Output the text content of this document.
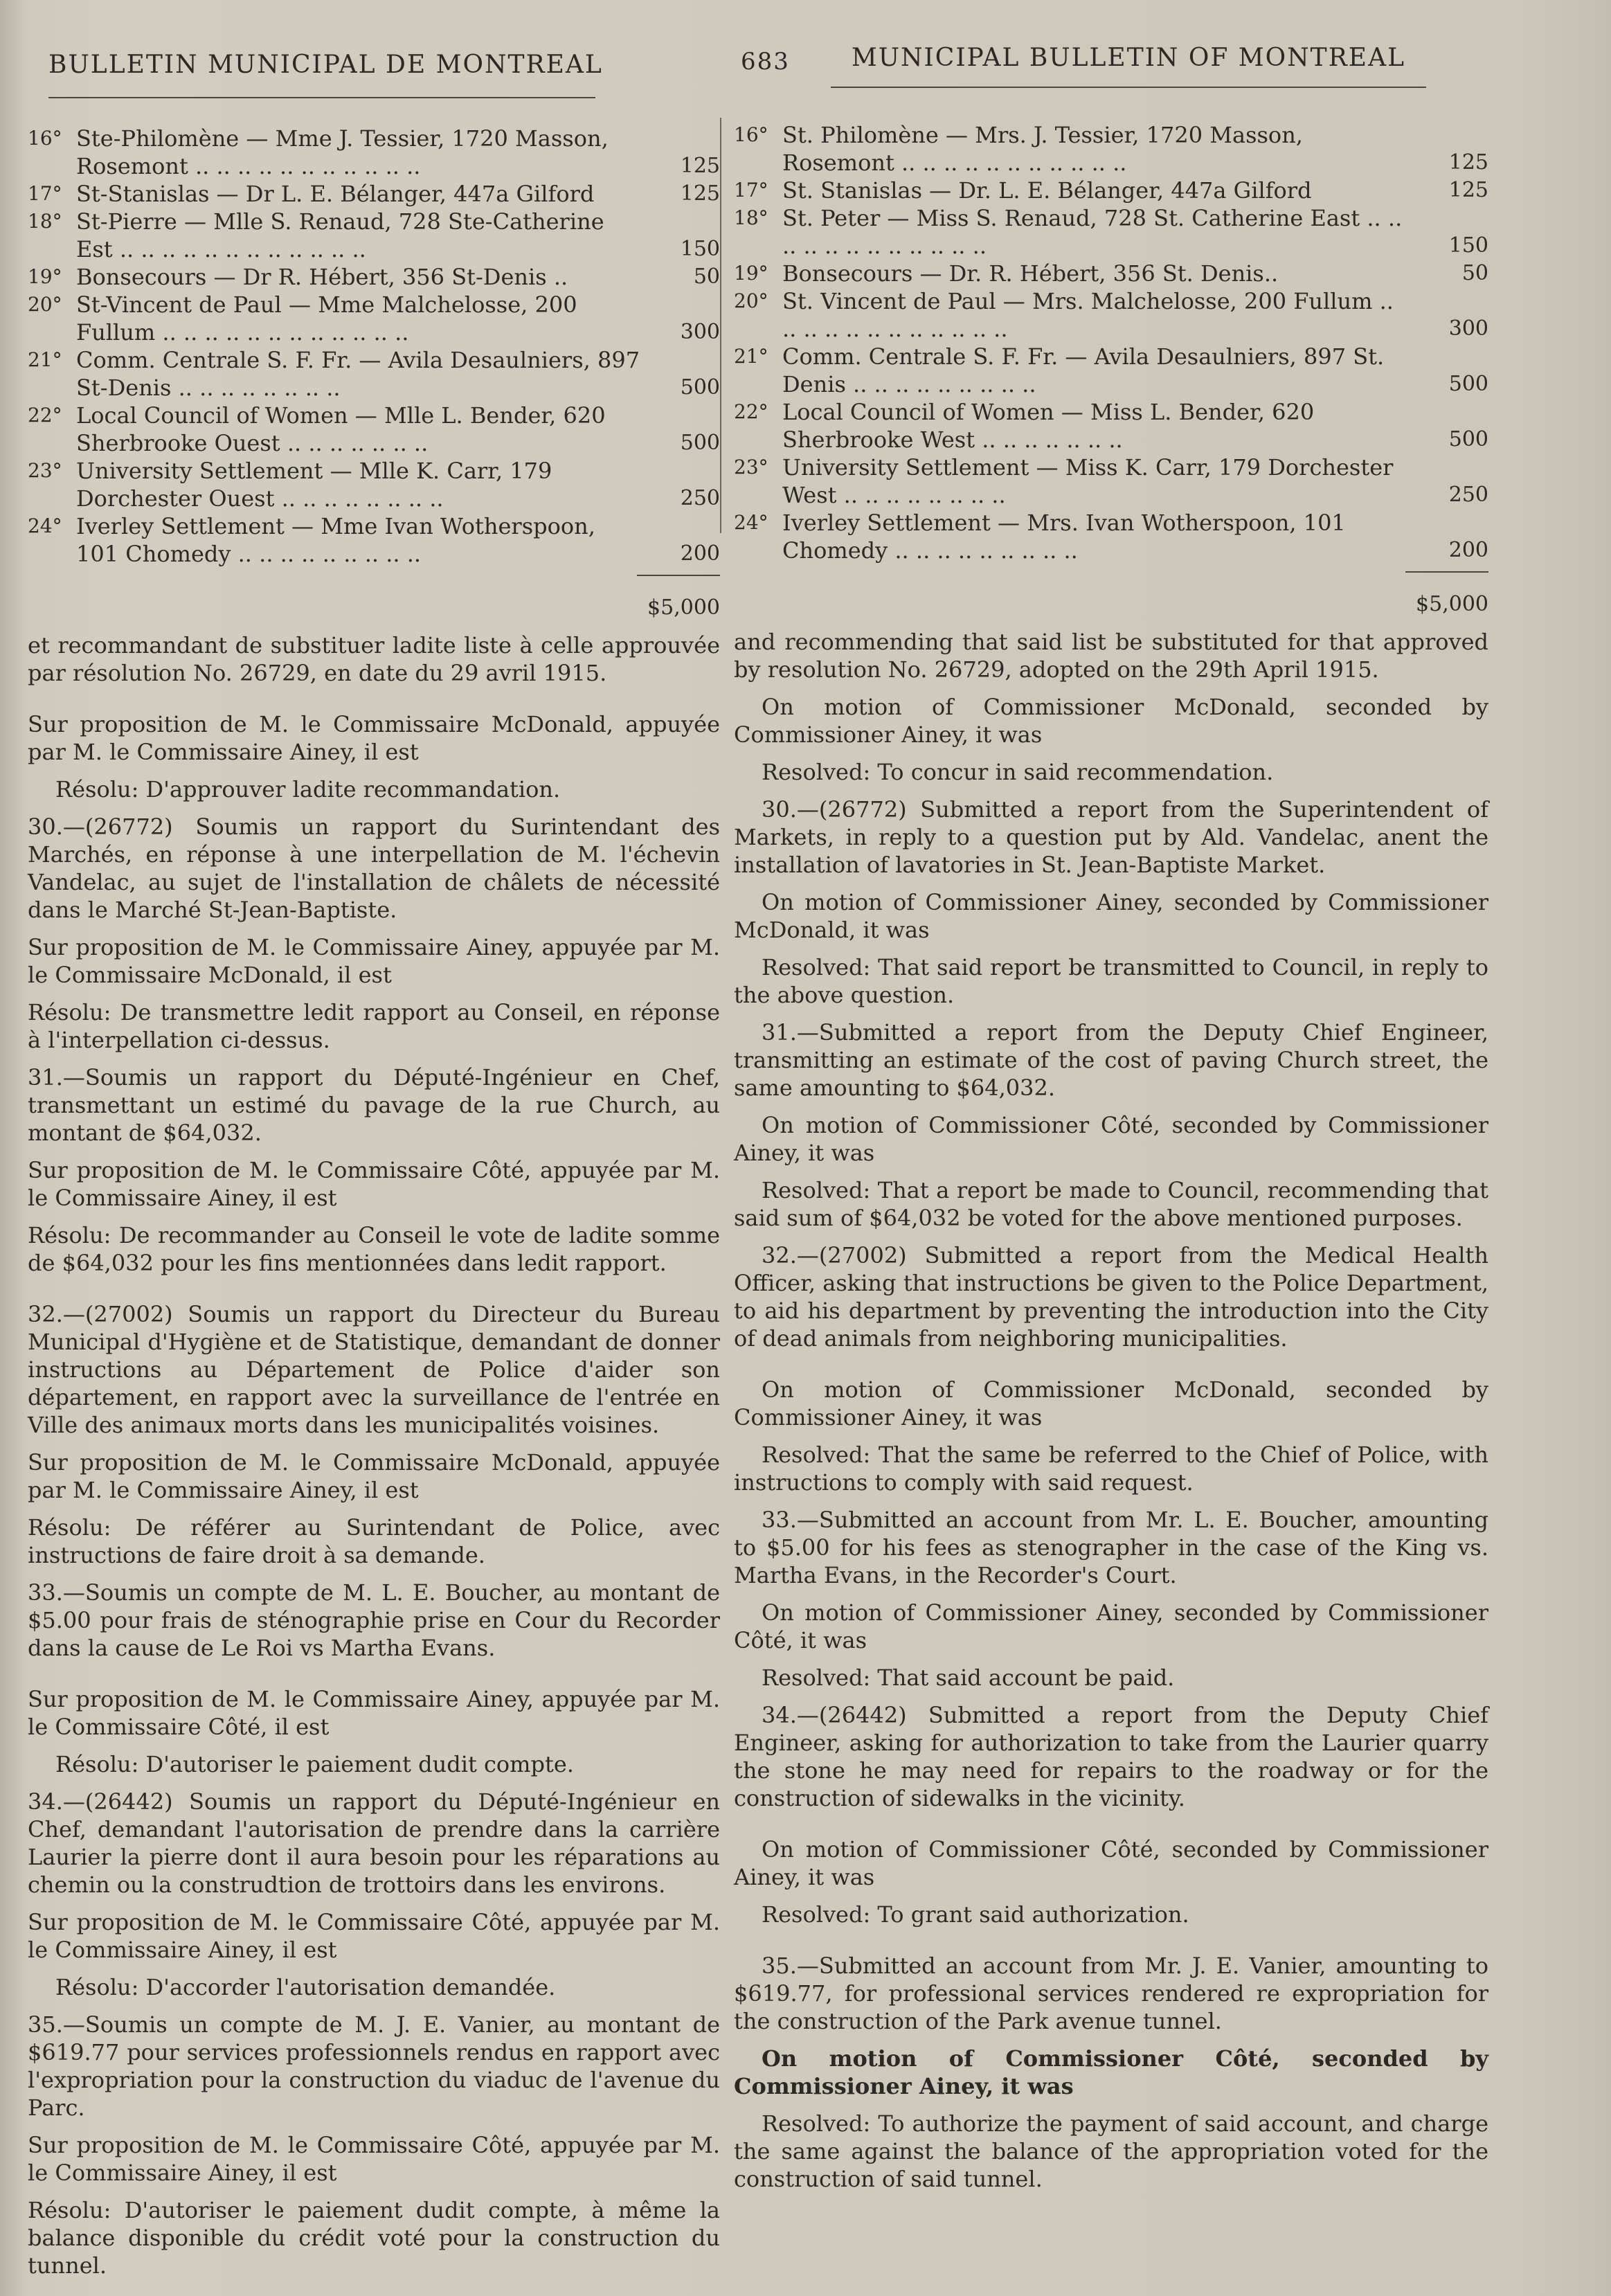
BULLETIN MUNICIPAL DE MONTREAL	683 MUNICIPAL BULLETIN OF MONTREAL
16° Ste-Philomène — Mme J. Tessier, 1720 Masson, Rosemont .. .. .. .. .. .. .. .. .. .. ..	125
17° St-Stanislas — Dr L. E. Bélanger, 447a Gilford	125
18° St-Pierre — Mlle S. Renaud, 728 Ste-Catherine Est .. .. .. .. .. .. .. .. .. .. .. ..	150
19° Bonsecours — Dr R. Hébert, 356 St-Denis ..	50
20° St-Vincent de Paul — Mme Malchelosse, 200 Fullum .. .. .. .. .. .. .. .. .. .. .. ..	300
21° Comm. Centrale S. F. Fr. — Avila Desaulniers, 897 St-Denis .. .. .. .. .. .. .. ..	500
22° Local Council of Women — Mlle L. Bender, 620 Sherbrooke Ouest .. .. .. .. .. .. ..	500
23° University Settlement — Mlle K. Carr, 179 Dorchester Ouest .. .. .. .. .. .. .. ..	250
24° Iverley Settlement — Mme Ivan Wotherspoon, 101 Chomedy .. .. .. .. .. .. .. .. ..	200
$5,000

et recommandant de substituer ladite liste à celle approuvée par résolution No. 26729, en date du 29 avril 1915.

Sur proposition de M. le Commissaire McDonald, appuyée par M. le Commissaire Ainey, il est

Résolu: D'approuver ladite recommandation.

30.—(26772) Soumis un rapport du Surintendant des Marchés, en réponse à une interpellation de M. l'échevin Vandelac, au sujet de l'installation de châlets de nécessité dans le Marché St-Jean-Baptiste.

Sur proposition de M. le Commissaire Ainey, appuyée par M. le Commissaire McDonald, il est

Résolu: De transmettre ledit rapport au Conseil, en réponse à l'interpellation ci-dessus.

31.—Soumis un rapport du Député-Ingénieur en Chef, transmettant un estimé du pavage de la rue Church, au montant de $64,032.

Sur proposition de M. le Commissaire Côté, appuyée par M. le Commissaire Ainey, il est

Résolu: De recommander au Conseil le vote de ladite somme de $64,032 pour les fins mentionnées dans ledit rapport.

32.—(27002) Soumis un rapport du Directeur du Bureau Municipal d'Hygiène et de Statistique, demandant de donner instructions au Département de Police d'aider son département, en rapport avec la surveillance de l'entrée en Ville des animaux morts dans les municipalités voisines.

Sur proposition de M. le Commissaire McDonald, appuyée par M. le Commissaire Ainey, il est

Résolu: De référer au Surintendant de Police, avec instructions de faire droit à sa demande.

33.—Soumis un compte de M. L. E. Boucher, au montant de $5.00 pour frais de sténographie prise en Cour du Recorder dans la cause de Le Roi vs Martha Evans.

Sur proposition de M. le Commissaire Ainey, appuyée par M. le Commissaire Côté, il est

Résolu: D'autoriser le paiement dudit compte.

34.—(26442) Soumis un rapport du Député-Ingénieur en Chef, demandant l'autorisation de prendre dans la carrière Laurier la pierre dont il aura besoin pour les réparations au chemin ou la construdtion de trottoirs dans les environs.

Sur proposition de M. le Commissaire Côté, appuyée par M. le Commissaire Ainey, il est

Résolu: D'accorder l'autorisation demandée.

35.—Soumis un compte de M. J. E. Vanier, au montant de $619.77 pour services professionnels rendus en rapport avec l'expropriation pour la construction du viaduc de l'avenue du Parc.

Sur proposition de M. le Commissaire Côté, appuyée par M. le Commissaire Ainey, il est

Résolu: D'autoriser le paiement dudit compte, à même la balance disponible du crédit voté pour la construction du tunnel.

16° St. Philomène — Mrs. J. Tessier, 1720 Masson, Rosemont .. .. .. .. .. .. .. .. .. .. ..	125
17° St. Stanislas — Dr. L. E. Bélanger, 447a Gilford	125
18° St. Peter — Miss S. Renaud, 728 St. Catherine East .. .. .. .. .. .. .. .. .. .. .. ..	150
19° Bonsecours — Dr. R. Hébert, 356 St. Denis..	50
20° St. Vincent de Paul — Mrs. Malchelosse, 200 Fullum .. .. .. .. .. .. .. .. .. .. .. ..	300
21° Comm. Centrale S. F. Fr. — Avila Desaulniers, 897 St. Denis .. .. .. .. .. .. .. .. ..	500
22° Local Council of Women — Miss L. Bender, 620 Sherbrooke West .. .. .. .. .. .. ..	500
23° University Settlement — Miss K. Carr, 179 Dorchester West .. .. .. .. .. .. .. ..	250
24° Iverley Settlement — Mrs. Ivan Wotherspoon, 101 Chomedy .. .. .. .. .. .. .. .. ..	200
$5,000

and recommending that said list be substituted for that approved by resolution No. 26729, adopted on the 29th April 1915.

On motion of Commissioner McDonald, seconded by Commissioner Ainey, it was

Resolved: To concur in said recommendation.

30.—(26772) Submitted a report from the Superintendent of Markets, in reply to a question put by Ald. Vandelac, anent the installation of lavatories in St. Jean-Baptiste Market.

On motion of Commissioner Ainey, seconded by Commissioner McDonald, it was

Resolved: That said report be transmitted to Council, in reply to the above question.

31.—Submitted a report from the Deputy Chief Engineer, transmitting an estimate of the cost of paving Church street, the same amounting to $64,032.

On motion of Commissioner Côté, seconded by Commissioner Ainey, it was

Resolved: That a report be made to Council, recommending that said sum of $64,032 be voted for the above mentioned purposes.

32.—(27002) Submitted a report from the Medical Health Officer, asking that instructions be given to the Police Department, to aid his department by preventing the introduction into the City of dead animals from neighboring municipalities.

On motion of Commissioner McDonald, seconded by Commissioner Ainey, it was

Resolved: That the same be referred to the Chief of Police, with instructions to comply with said request.

33.—Submitted an account from Mr. L. E. Boucher, amounting to $5.00 for his fees as stenographer in the case of the King vs. Martha Evans, in the Recorder's Court.

On motion of Commissioner Ainey, seconded by Commissioner Côté, it was

Resolved: That said account be paid.

34.—(26442) Submitted a report from the Deputy Chief Engineer, asking for authorization to take from the Laurier quarry the stone he may need for repairs to the roadway or for the construction of sidewalks in the vicinity.

On motion of Commissioner Côté, seconded by Commissioner Ainey, it was

Resolved: To grant said authorization.

35.—Submitted an account from Mr. J. E. Vanier, amounting to $619.77, for professional services rendered re expropriation for the construction of the Park avenue tunnel.

On motion of Commissioner Côté, seconded by Commissioner Ainey, it was

Resolved: To authorize the payment of said account, and charge the same against the balance of the appropriation voted for the construction of said tunnel.
